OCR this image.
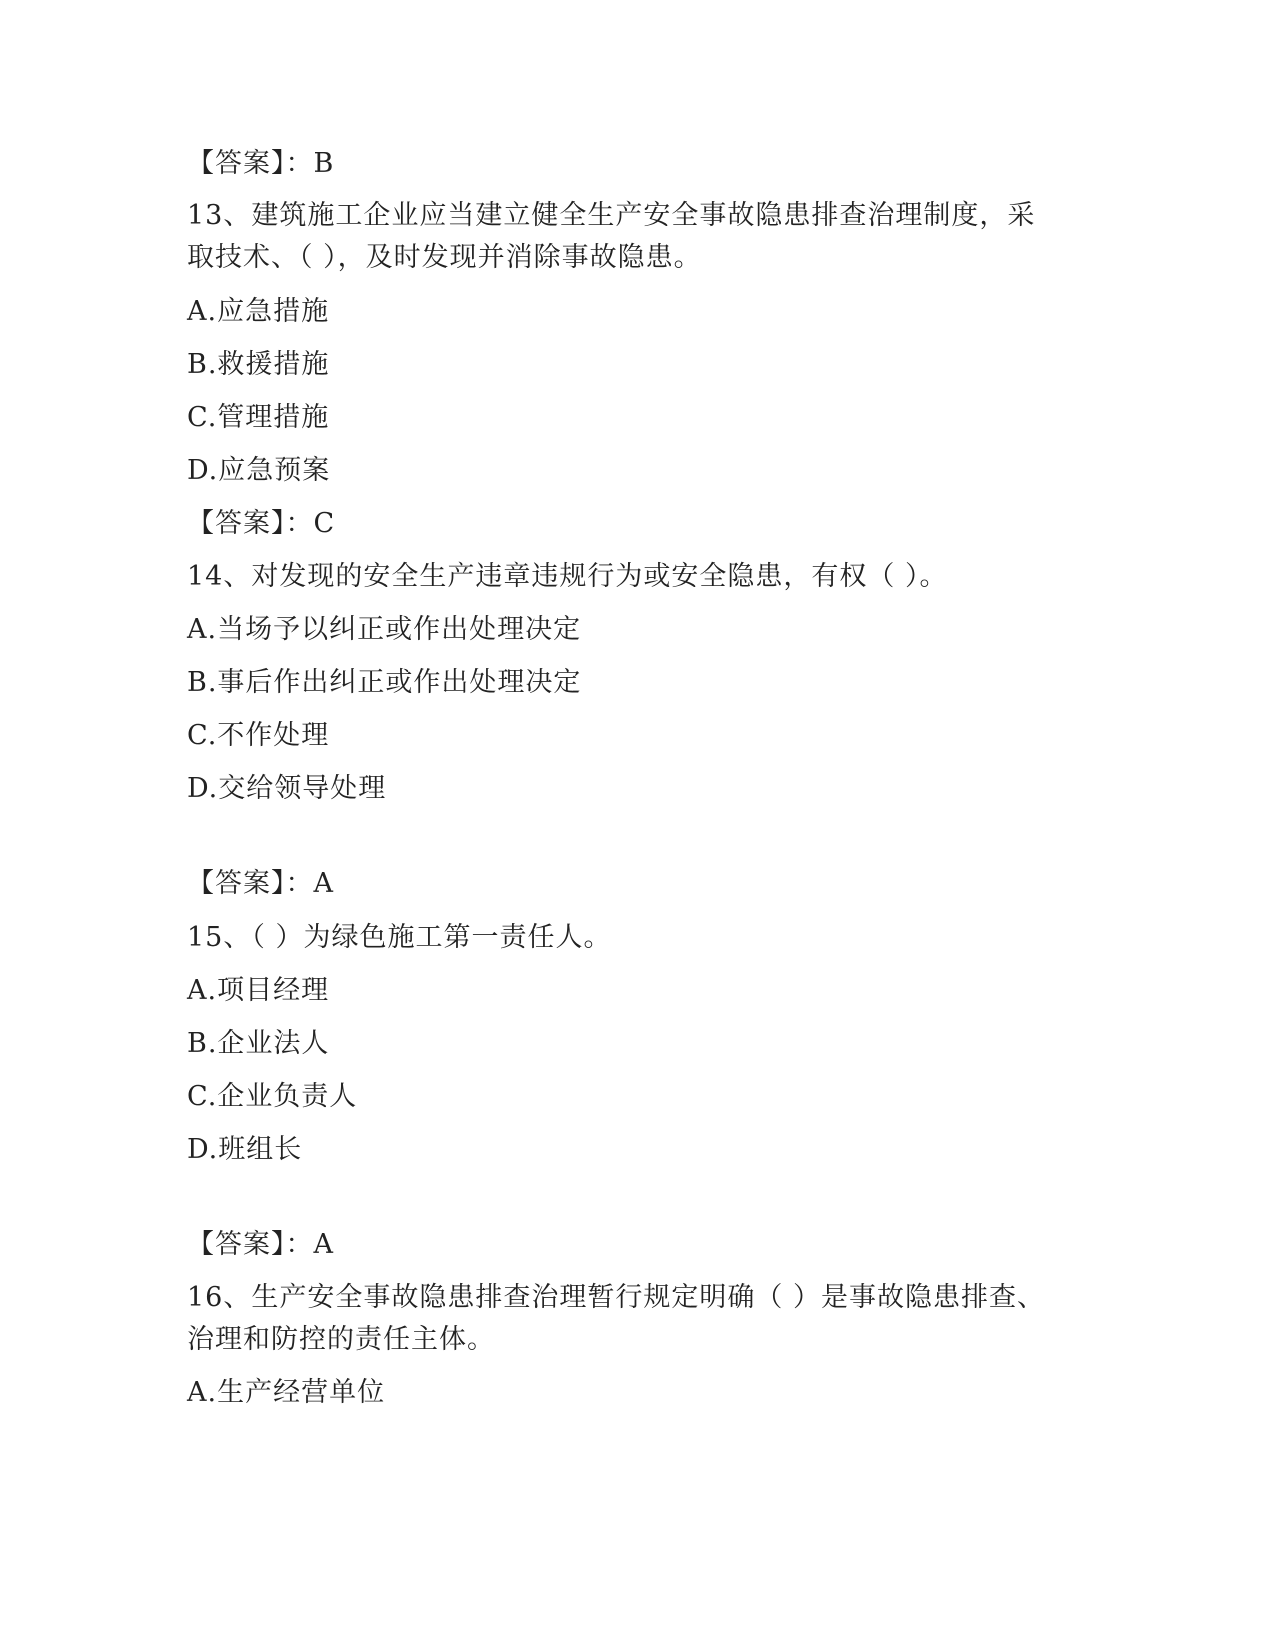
【答案】：B
13、建筑施工企业应当建立健全生产安全事故隐患排查治理制度，采
取技术、（ ），及时发现并消除事故隐患。
A.应急措施
B.救援措施
C.管理措施
D.应急预案
【答案】：C
14、对发现的安全生产违章违规行为或安全隐患，有权（ ）。
A.当场予以纠正或作出处理决定
B.事后作出纠正或作出处理决定
C.不作处理
D.交给领导处理
【答案】：A
15、（ ）为绿色施工第一责任人。
A.项目经理
B.企业法人
C.企业负责人
D.班组长
【答案】：A
16、生产安全事故隐患排查治理暂行规定明确（ ）是事故隐患排查、
治理和防控的责任主体。
A.生产经营单位
